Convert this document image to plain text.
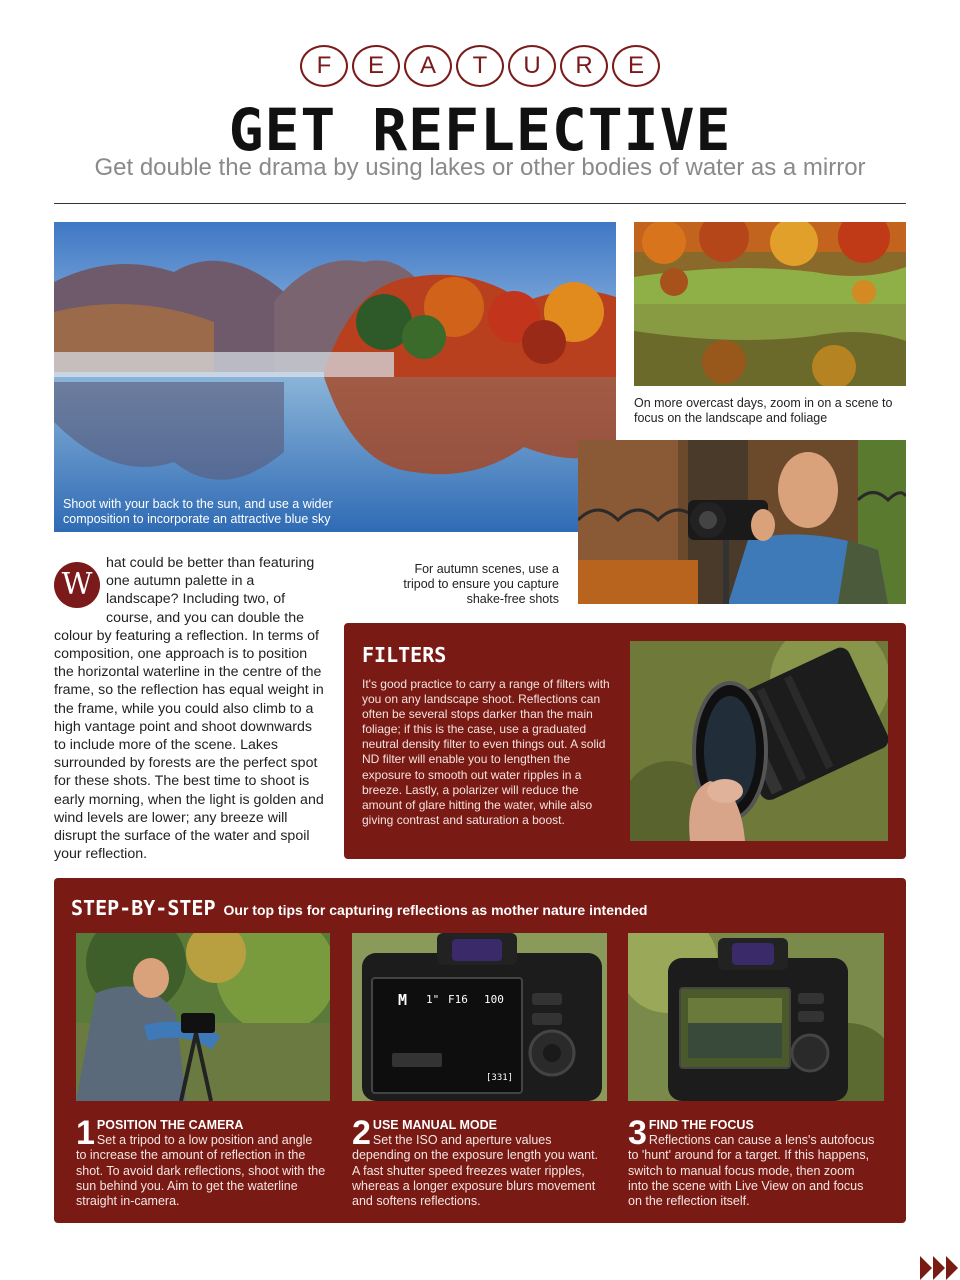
F	E	A	T	U	R	E
GET REFLECTIVE
Get double the drama by using lakes or other bodies of water as a mirror
Shoot with your back to the sun, and use a wider composition to incorporate an attractive blue sky
On more overcast days, zoom in on a scene to focus on the landscape and foliage
For autumn scenes, use a tripod to ensure you capture shake-free shots
W
hat could be better than featuring one autumn palette in a landscape? Including two, of course, and you can double the colour by featuring a reflection. In terms of composition, one approach is to position the horizontal waterline in the centre of the frame, so the reflection has equal weight in the frame, while you could also climb to a high vantage point and shoot downwards to include more of the scene. Lakes surrounded by forests are the perfect spot for these shots. The best time to shoot is early morning, when the light is golden and wind levels are lower; any breeze will disrupt the surface of the water and spoil your reflection.
FILTERS

It's good practice to carry a range of filters with you on any landscape shoot. Reflections can often be several stops darker than the main foliage; if this is the case, use a graduated neutral density filter to even things out. A solid ND filter will enable you to lengthen the exposure to smooth out water ripples in a breeze. Lastly, a polarizer will reduce the amount of glare hitting the water, while also giving contrast and saturation a boost.

STEP-BY-STEP Our top tips for capturing reflections as mother nature intended
M 1" F16 100
[331]
1 POSITION THE CAMERA
Set a tripod to a low position and angle to increase the amount of reflection in the shot. To avoid dark reflections, shoot with the sun behind you. Aim to get the waterline straight in-camera.
2 USE MANUAL MODE
Set the ISO and aperture values depending on the exposure length you want. A fast shutter speed freezes water ripples, whereas a longer exposure blurs movement and softens reflections.
3 FIND THE FOCUS
Reflections can cause a lens's autofocus to 'hunt' around for a target. If this happens, switch to manual focus mode, then zoom into the scene with Live View on and focus on the reflection itself.
